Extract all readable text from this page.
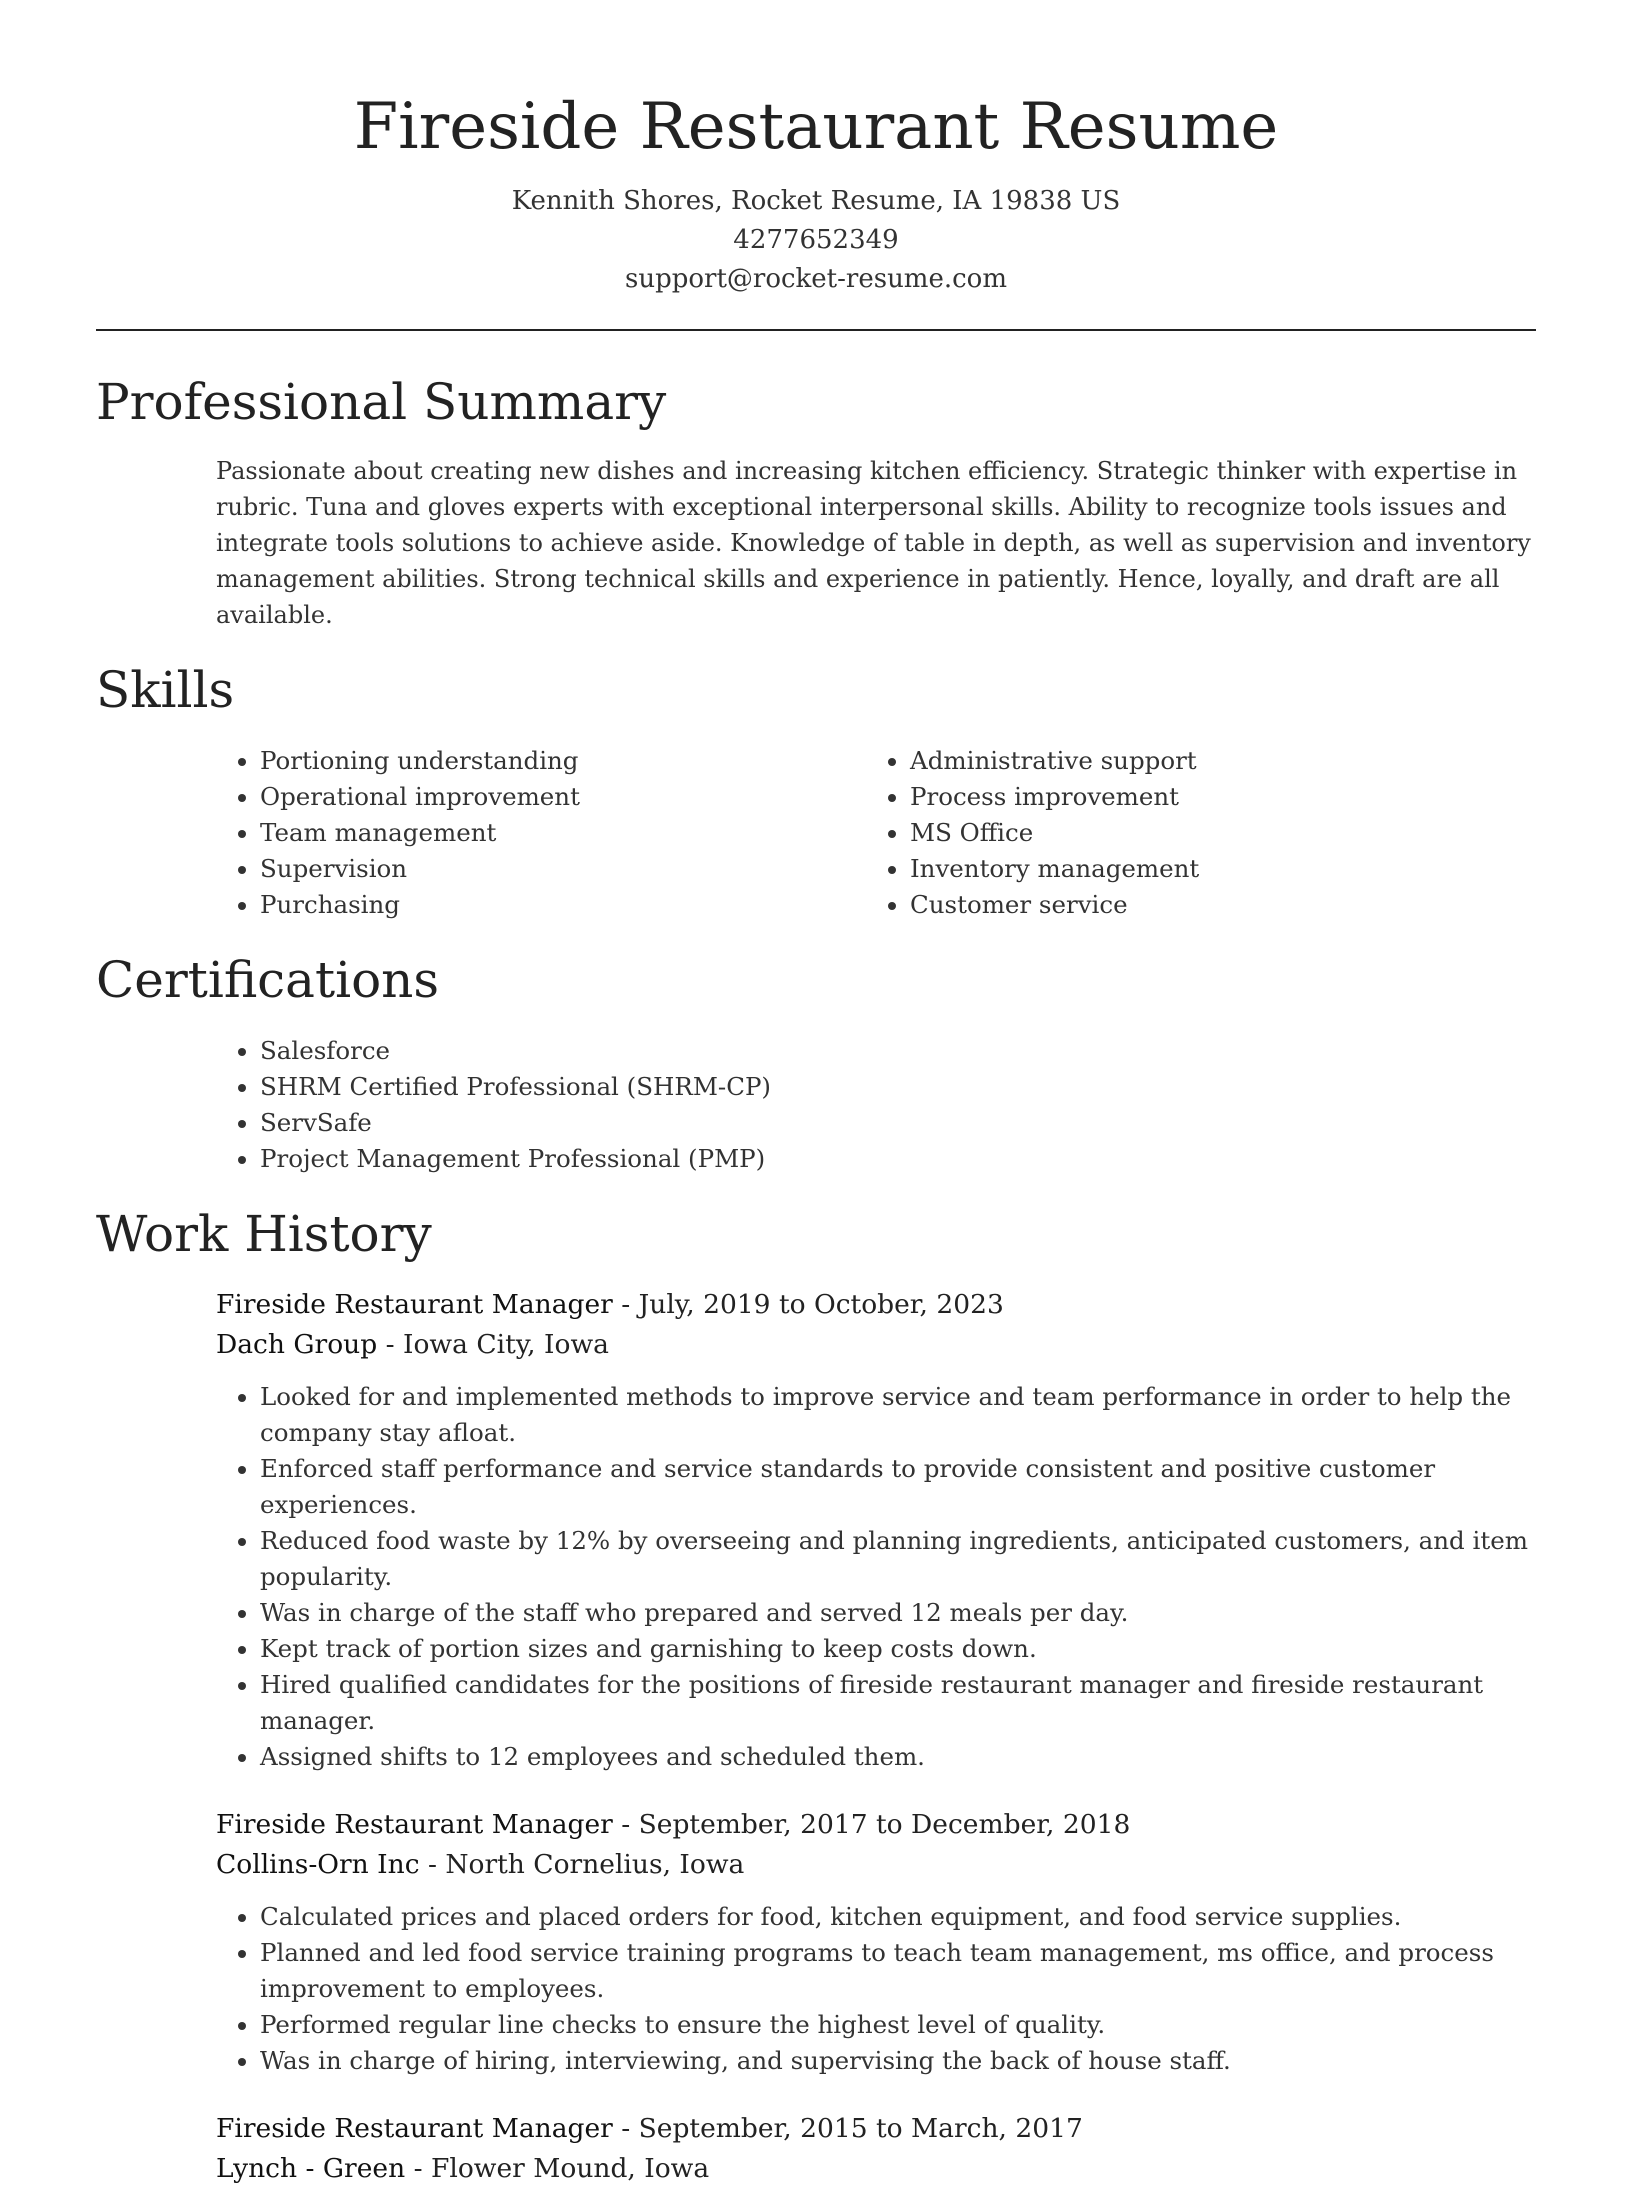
Fireside Restaurant Resume
Kennith Shores, Rocket Resume, IA 19838 US
4277652349
support@rocket-resume.com
Professional Summary
Passionate about creating new dishes and increasing kitchen efficiency. Strategic thinker with expertise in rubric. Tuna and gloves experts with exceptional interpersonal skills. Ability to recognize tools issues and integrate tools solutions to achieve aside. Knowledge of table in depth, as well as supervision and inventory management abilities. Strong technical skills and experience in patiently. Hence, loyally, and draft are all available.
Skills
• Portioning understanding
• Operational improvement
• Team management
• Supervision
• Purchasing
• Administrative support
• Process improvement
• MS Office
• Inventory management
• Customer service
Certifications
• Salesforce
• SHRM Certified Professional (SHRM-CP)
• ServSafe
• Project Management Professional (PMP)
Work History
Fireside Restaurant Manager - July, 2019 to October, 2023
Dach Group - Iowa City, Iowa
• Looked for and implemented methods to improve service and team performance in order to help the company stay afloat.
• Enforced staff performance and service standards to provide consistent and positive customer experiences.
• Reduced food waste by 12% by overseeing and planning ingredients, anticipated customers, and item popularity.
• Was in charge of the staff who prepared and served 12 meals per day.
• Kept track of portion sizes and garnishing to keep costs down.
• Hired qualified candidates for the positions of fireside restaurant manager and fireside restaurant manager.
• Assigned shifts to 12 employees and scheduled them.
Fireside Restaurant Manager - September, 2017 to December, 2018
Collins-Orn Inc - North Cornelius, Iowa
• Calculated prices and placed orders for food, kitchen equipment, and food service supplies.
• Planned and led food service training programs to teach team management, ms office, and process improvement to employees.
• Performed regular line checks to ensure the highest level of quality.
• Was in charge of hiring, interviewing, and supervising the back of house staff.
Fireside Restaurant Manager - September, 2015 to March, 2017
Lynch - Green - Flower Mound, Iowa
